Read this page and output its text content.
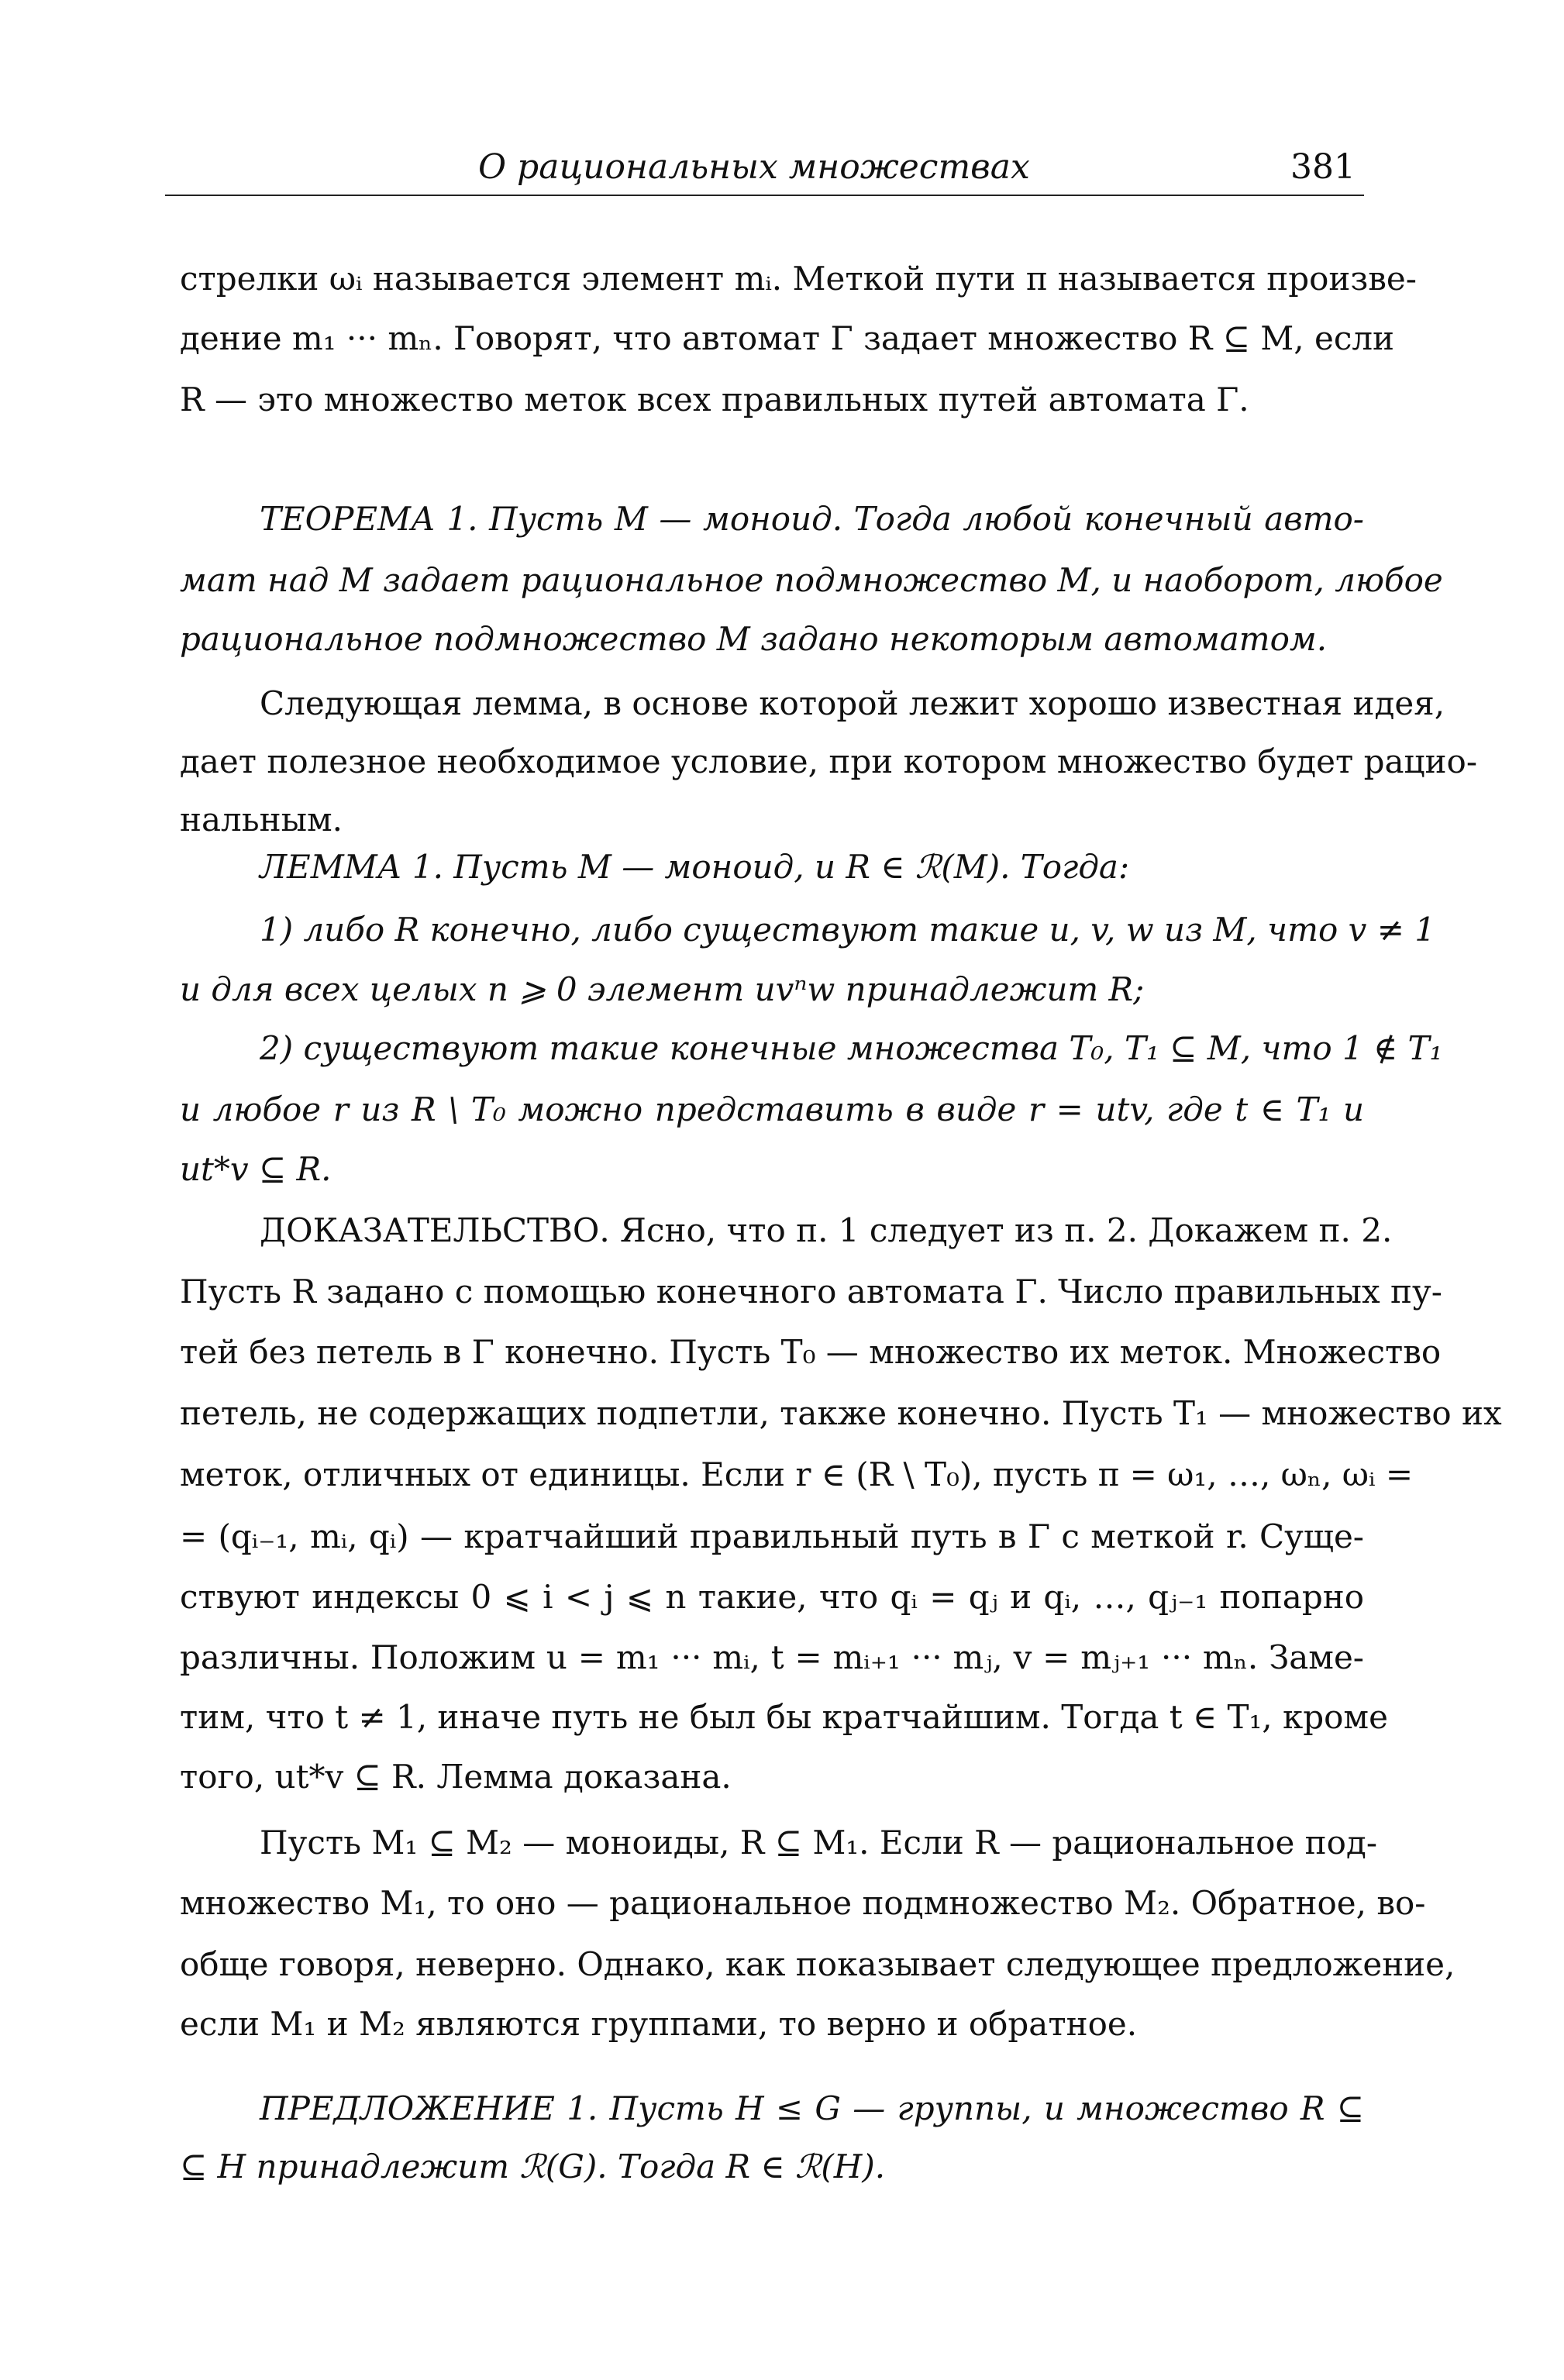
О рациональных множествах	381
стрелки ωᵢ называется элемент mᵢ. Меткой пути π называется произве-
дение m₁ ··· mₙ. Говорят, что автомат Γ задает множество R ⊆ M, если
R — это множество меток всех правильных путей автомата Γ.
ТЕОРЕМА 1. Пусть M — моноид. Тогда любой конечный авто-
мат над M задает рациональное подмножество M, и наоборот, любое
рациональное подмножество M задано некоторым автоматом.
Следующая лемма, в основе которой лежит хорошо известная идея,
дает полезное необходимое условие, при котором множество будет рацио-
нальным.
ЛЕММА 1. Пусть M — моноид, и R ∈ ℛ(M). Тогда:
1) либо R конечно, либо существуют такие u, v, w из M, что v ≠ 1
и для всех целых n ⩾ 0 элемент uvⁿw принадлежит R;
2) существуют такие конечные множества T₀, T₁ ⊆ M, что 1 ∉ T₁
и любое r из R \ T₀ можно представить в виде r = utv, где t ∈ T₁ и
ut*v ⊆ R.
ДОКАЗАТЕЛЬСТВО. Ясно, что п. 1 следует из п. 2. Докажем п. 2.
Пусть R задано с помощью конечного автомата Γ. Число правильных пу-
тей без петель в Γ конечно. Пусть T₀ — множество их меток. Множество
петель, не содержащих подпетли, также конечно. Пусть T₁ — множество их
меток, отличных от единицы. Если r ∈ (R \ T₀), пусть π = ω₁, …, ωₙ, ωᵢ =
= (qᵢ₋₁, mᵢ, qᵢ) — кратчайший правильный путь в Γ с меткой r. Суще-
ствуют индексы 0 ⩽ i < j ⩽ n такие, что qᵢ = qⱼ и qᵢ, …, qⱼ₋₁ попарно
различны. Положим u = m₁ ··· mᵢ, t = mᵢ₊₁ ··· mⱼ, v = mⱼ₊₁ ··· mₙ. Заме-
тим, что t ≠ 1, иначе путь не был бы кратчайшим. Тогда t ∈ T₁, кроме
того, ut*v ⊆ R. Лемма доказана.
Пусть M₁ ⊆ M₂ — моноиды, R ⊆ M₁. Если R — рациональное под-
множество M₁, то оно — рациональное подмножество M₂. Обратное, во-
обще говоря, неверно. Однако, как показывает следующее предложение,
если M₁ и M₂ являются группами, то верно и обратное.
ПРЕДЛОЖЕНИЕ 1. Пусть H ≤ G — группы, и множество R ⊆
⊆ H принадлежит ℛ(G). Тогда R ∈ ℛ(H).
